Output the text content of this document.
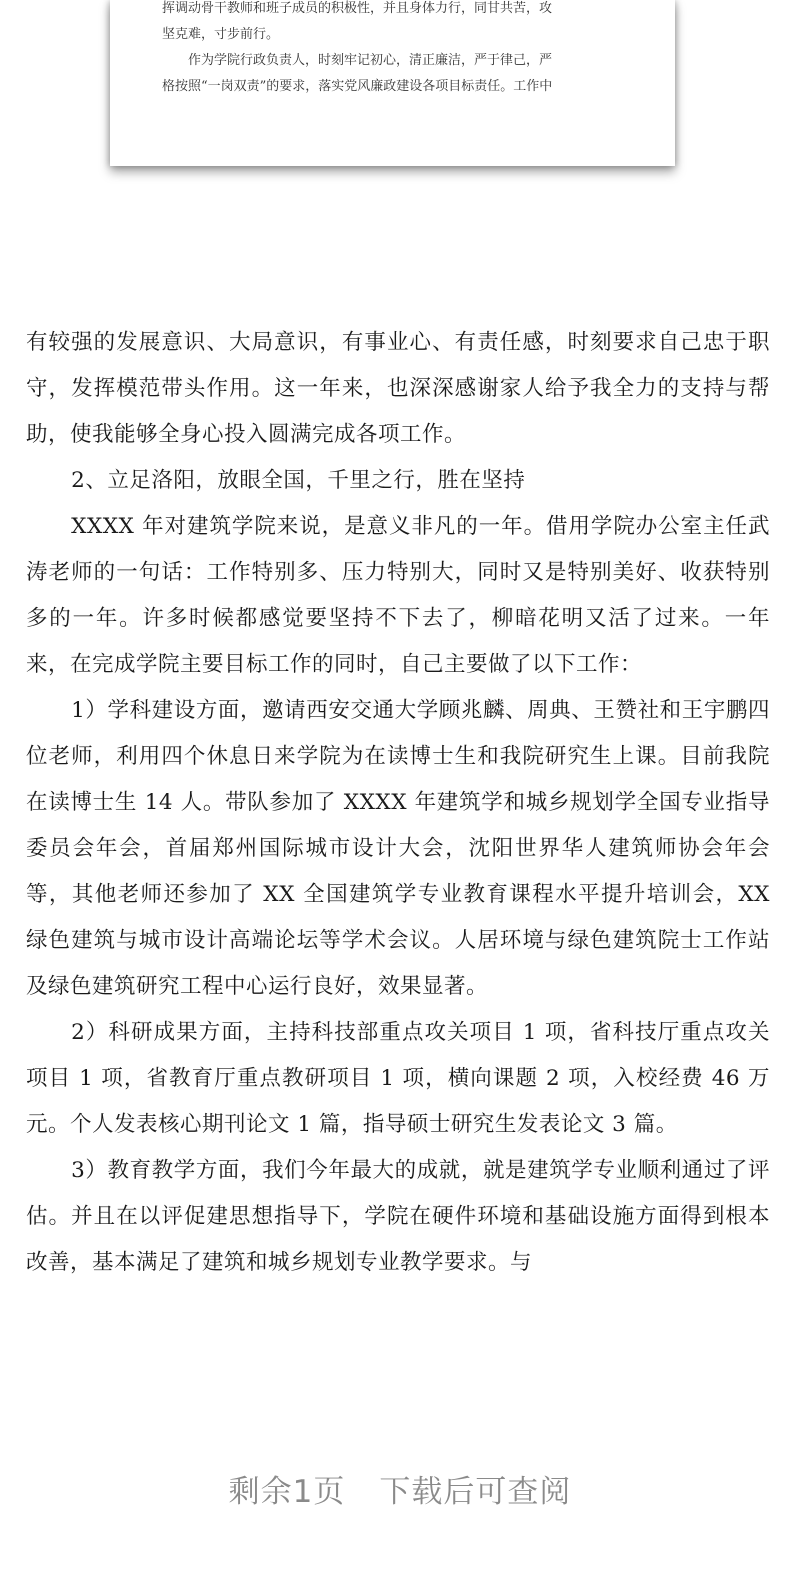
挥调动骨干教师和班子成员的积极性，并且身体力行，同甘共苦，攻

坚克难，寸步前行。

作为学院行政负责人，时刻牢记初心，清正廉洁，严于律己，严

格按照“一岗双责”的要求，落实党风廉政建设各项目标责任。工作中

有较强的发展意识、大局意识，有事业心、有责任感，时刻要求自己忠于职守，发挥模范带头作用。这一年来，也深深感谢家人给予我全力的支持与帮助，使我能够全身心投入圆满完成各项工作。

2、立足洛阳，放眼全国，千里之行，胜在坚持

XXXX 年对建筑学院来说，是意义非凡的一年。借用学院办公室主任武涛老师的一句话：工作特别多、压力特别大，同时又是特别美好、收获特别多的一年。许多时候都感觉要坚持不下去了，柳暗花明又活了过来。一年来，在完成学院主要目标工作的同时，自己主要做了以下工作：

1）学科建设方面，邀请西安交通大学顾兆麟、周典、王赞社和王宇鹏四位老师，利用四个休息日来学院为在读博士生和我院研究生上课。目前我院在读博士生 14 人。带队参加了 XXXX 年建筑学和城乡规划学全国专业指导委员会年会，首届郑州国际城市设计大会，沈阳世界华人建筑师协会年会等，其他老师还参加了 XX 全国建筑学专业教育课程水平提升培训会，XX 绿色建筑与城市设计高端论坛等学术会议。人居环境与绿色建筑院士工作站及绿色建筑研究工程中心运行良好，效果显著。

2）科研成果方面，主持科技部重点攻关项目 1 项，省科技厅重点攻关项目 1 项，省教育厅重点教研项目 1 项，横向课题 2 项，入校经费 46 万元。个人发表核心期刊论文 1 篇，指导硕士研究生发表论文 3 篇。

3）教育教学方面，我们今年最大的成就，就是建筑学专业顺利通过了评估。并且在以评促建思想指导下，学院在硬件环境和基础设施方面得到根本改善，基本满足了建筑和城乡规划专业教学要求。与

剩余1页 下载后可查阅
